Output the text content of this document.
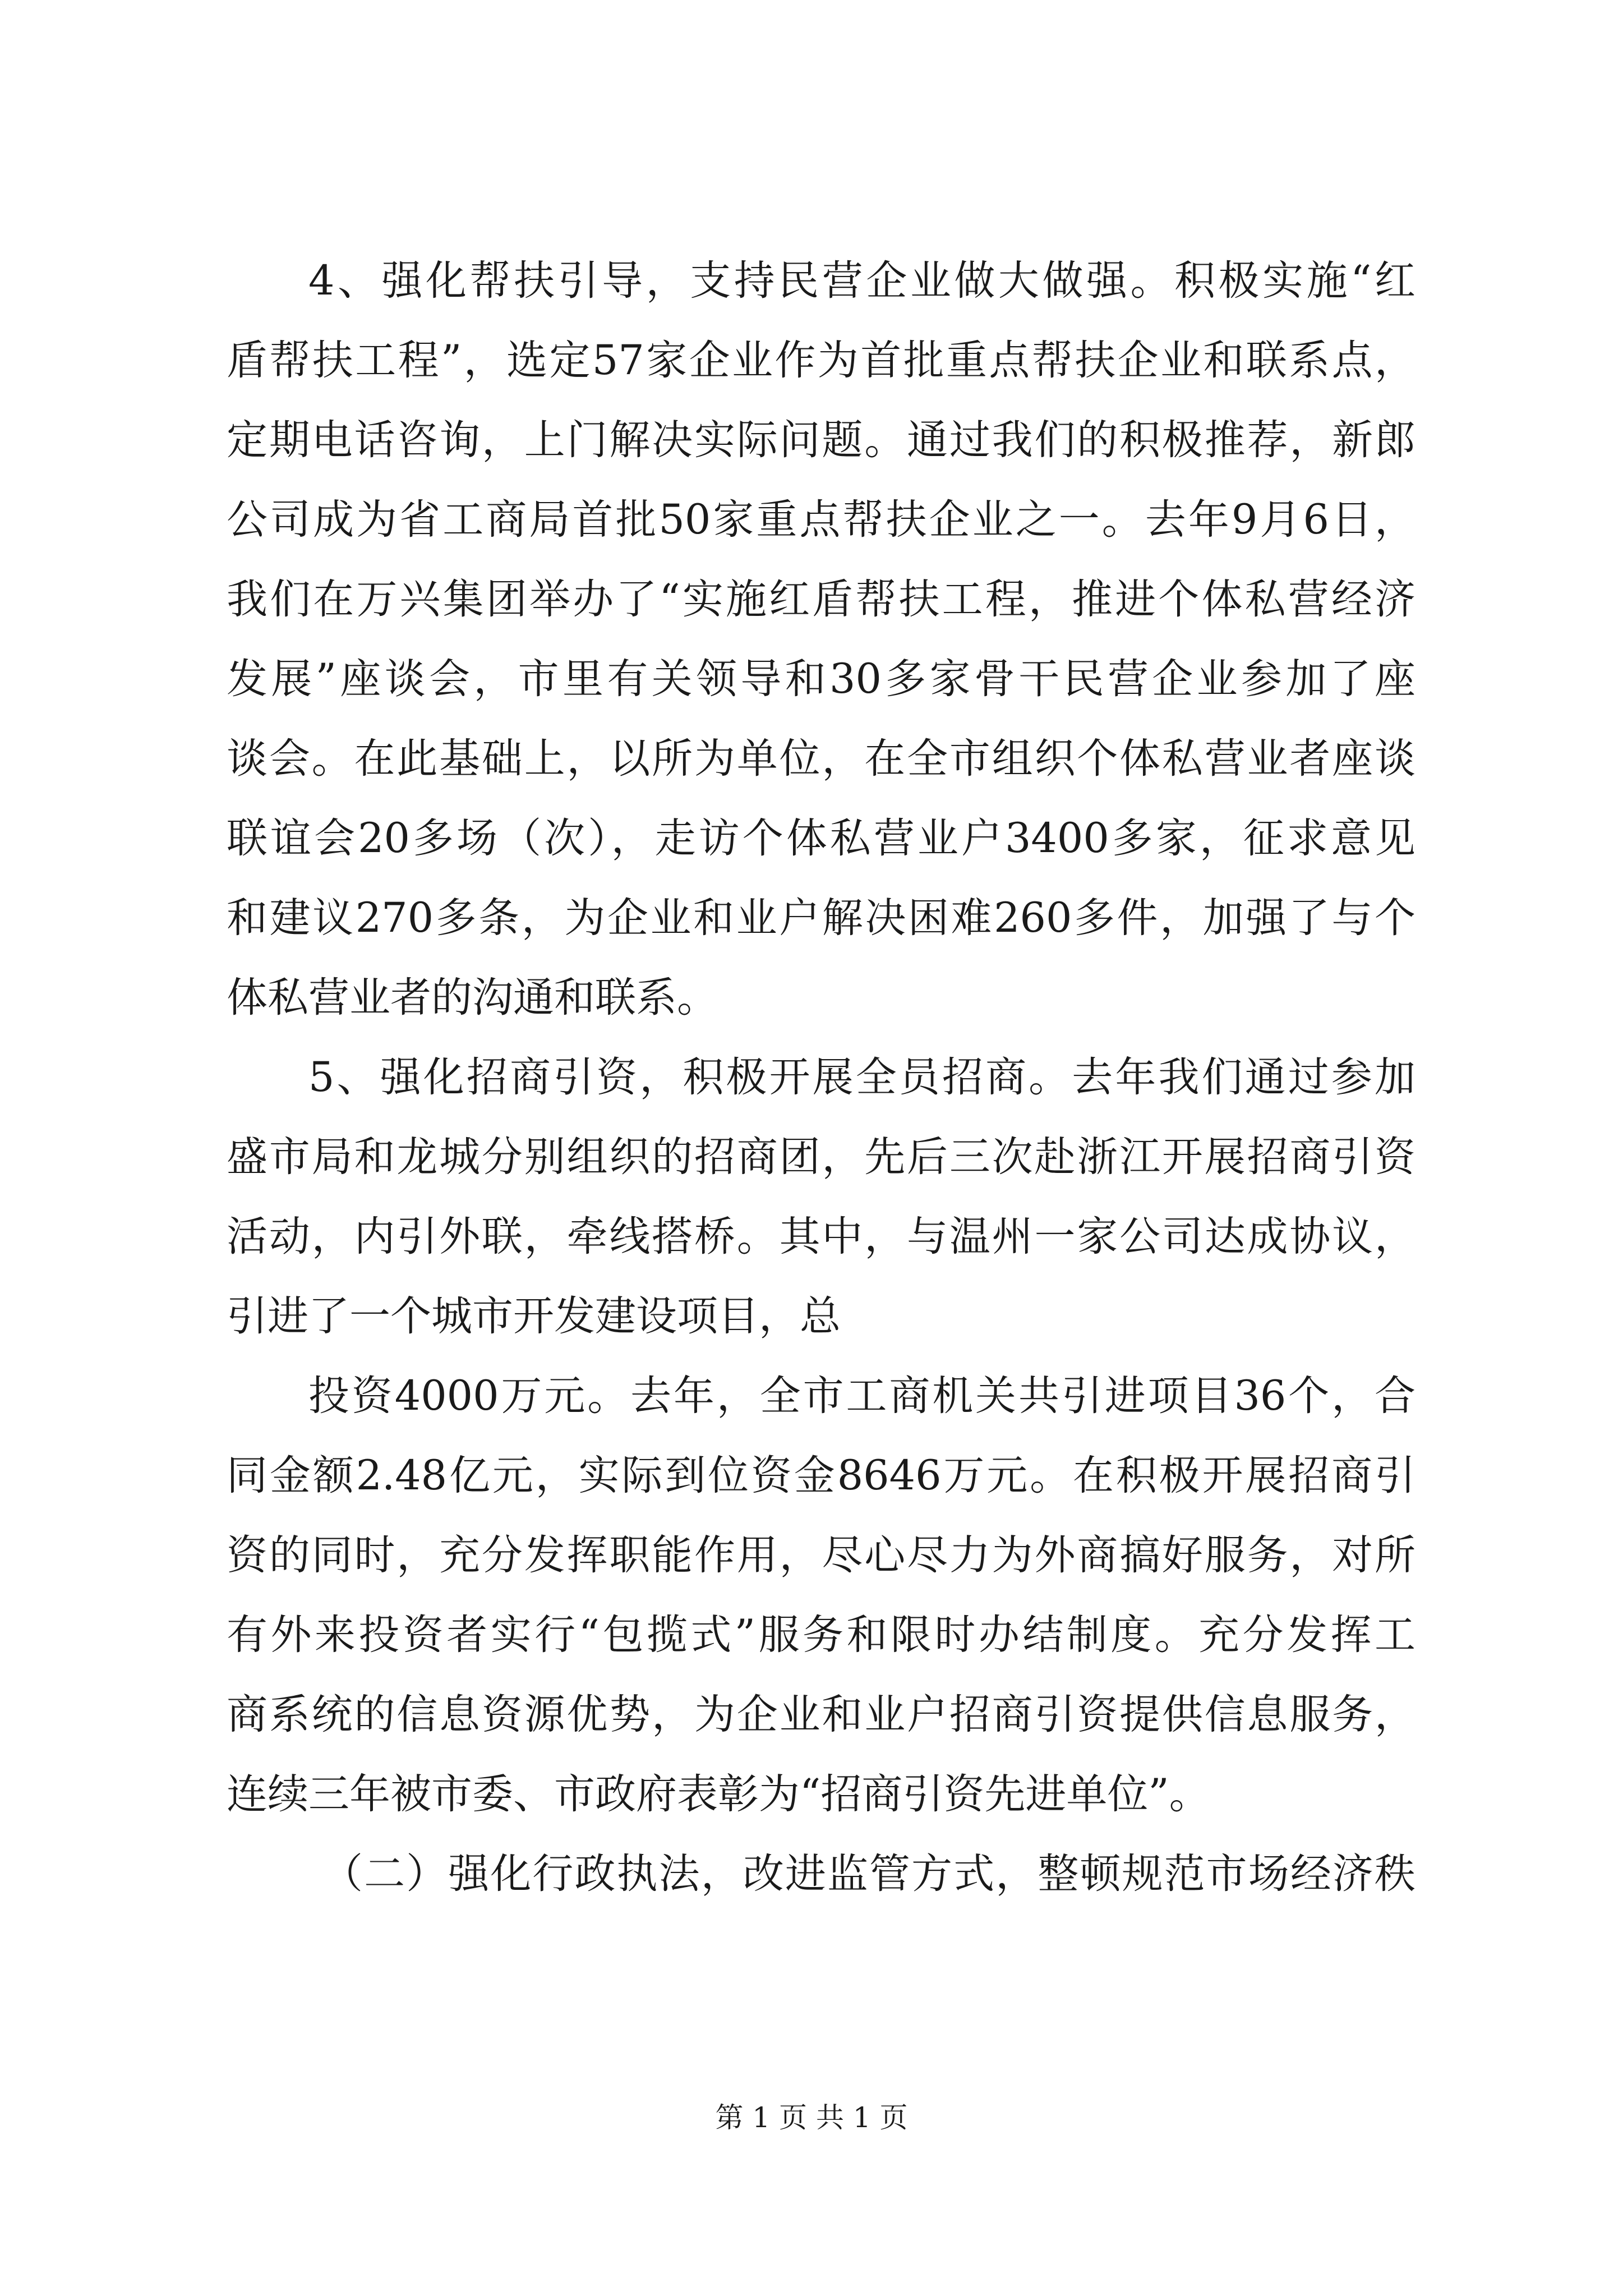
4、强化帮扶引导，支持民营企业做大做强。积极实施“红
盾帮扶工程”，选定57家企业作为首批重点帮扶企业和联系点，
定期电话咨询，上门解决实际问题。通过我们的积极推荐，新郎
公司成为省工商局首批50家重点帮扶企业之一。去年9月6日，
我们在万兴集团举办了“实施红盾帮扶工程，推进个体私营经济
发展”座谈会，市里有关领导和30多家骨干民营企业参加了座
谈会。在此基础上，以所为单位，在全市组织个体私营业者座谈
联谊会20多场（次），走访个体私营业户3400多家，征求意见
和建议270多条，为企业和业户解决困难260多件，加强了与个
体私营业者的沟通和联系。
5、强化招商引资，积极开展全员招商。去年我们通过参加
盛市局和龙城分别组织的招商团，先后三次赴浙江开展招商引资
活动，内引外联，牵线搭桥。其中，与温州一家公司达成协议，
引进了一个城市开发建设项目，总
投资4000万元。去年，全市工商机关共引进项目36个，合
同金额2.48亿元，实际到位资金8646万元。在积极开展招商引
资的同时，充分发挥职能作用，尽心尽力为外商搞好服务，对所
有外来投资者实行“包揽式”服务和限时办结制度。充分发挥工
商系统的信息资源优势，为企业和业户招商引资提供信息服务，
连续三年被市委、市政府表彰为“招商引资先进单位”。
（二）强化行政执法，改进监管方式，整顿规范市场经济秩
第 1 页 共 1 页
